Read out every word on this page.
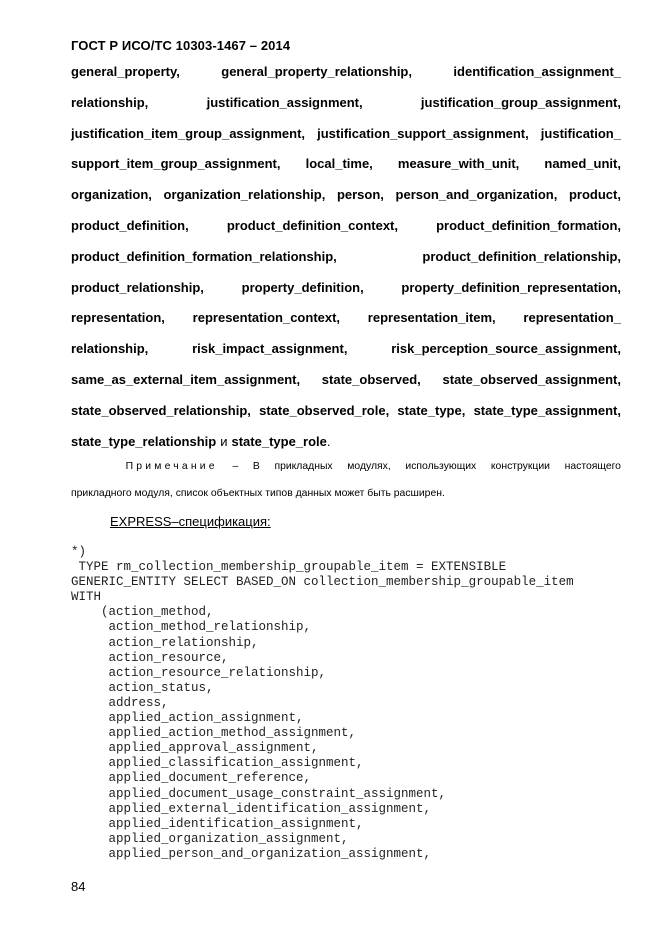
ГОСТ Р ИСО/ТС 10303-1467 – 2014
general_property,	general_property_relationship,	identification_assignment_
relationship,	justification_assignment,	justification_group_assignment,
justification_item_group_assignment, justification_support_assignment, justification_
support_item_group_assignment, local_time, measure_with_unit, named_unit,
organization, organization_relationship, person, person_and_organization, product,
product_definition,	product_definition_context,	product_definition_formation,
product_definition_formation_relationship,	product_definition_relationship,
product_relationship,	property_definition,	property_definition_representation,
representation, representation_context, representation_item, representation_
relationship,	risk_impact_assignment,	risk_perception_source_assignment,
same_as_external_item_assignment, state_observed, state_observed_assignment,
state_observed_relationship, state_observed_role, state_type, state_type_assignment,
state_type_relationship и state_type_role .
Примечание – В прикладных модулях, использующих конструкции настоящего
прикладного модуля, список объектных типов данных может быть расширен.
EXPRESS–спецификация:
*)
TYPE rm_collection_membership_groupable_item = EXTENSIBLE
GENERIC_ENTITY SELECT BASED_ON collection_membership_groupable_item
WITH
(action_method,
action_method_relationship,
action_relationship,
action_resource,
action_resource_relationship,
action_status,
address,
applied_action_assignment,
applied_action_method_assignment,
applied_approval_assignment,
applied_classification_assignment,
applied_document_reference,
applied_document_usage_constraint_assignment,
applied_external_identification_assignment,
applied_identification_assignment,
applied_organization_assignment,
applied_person_and_organization_assignment,
84
